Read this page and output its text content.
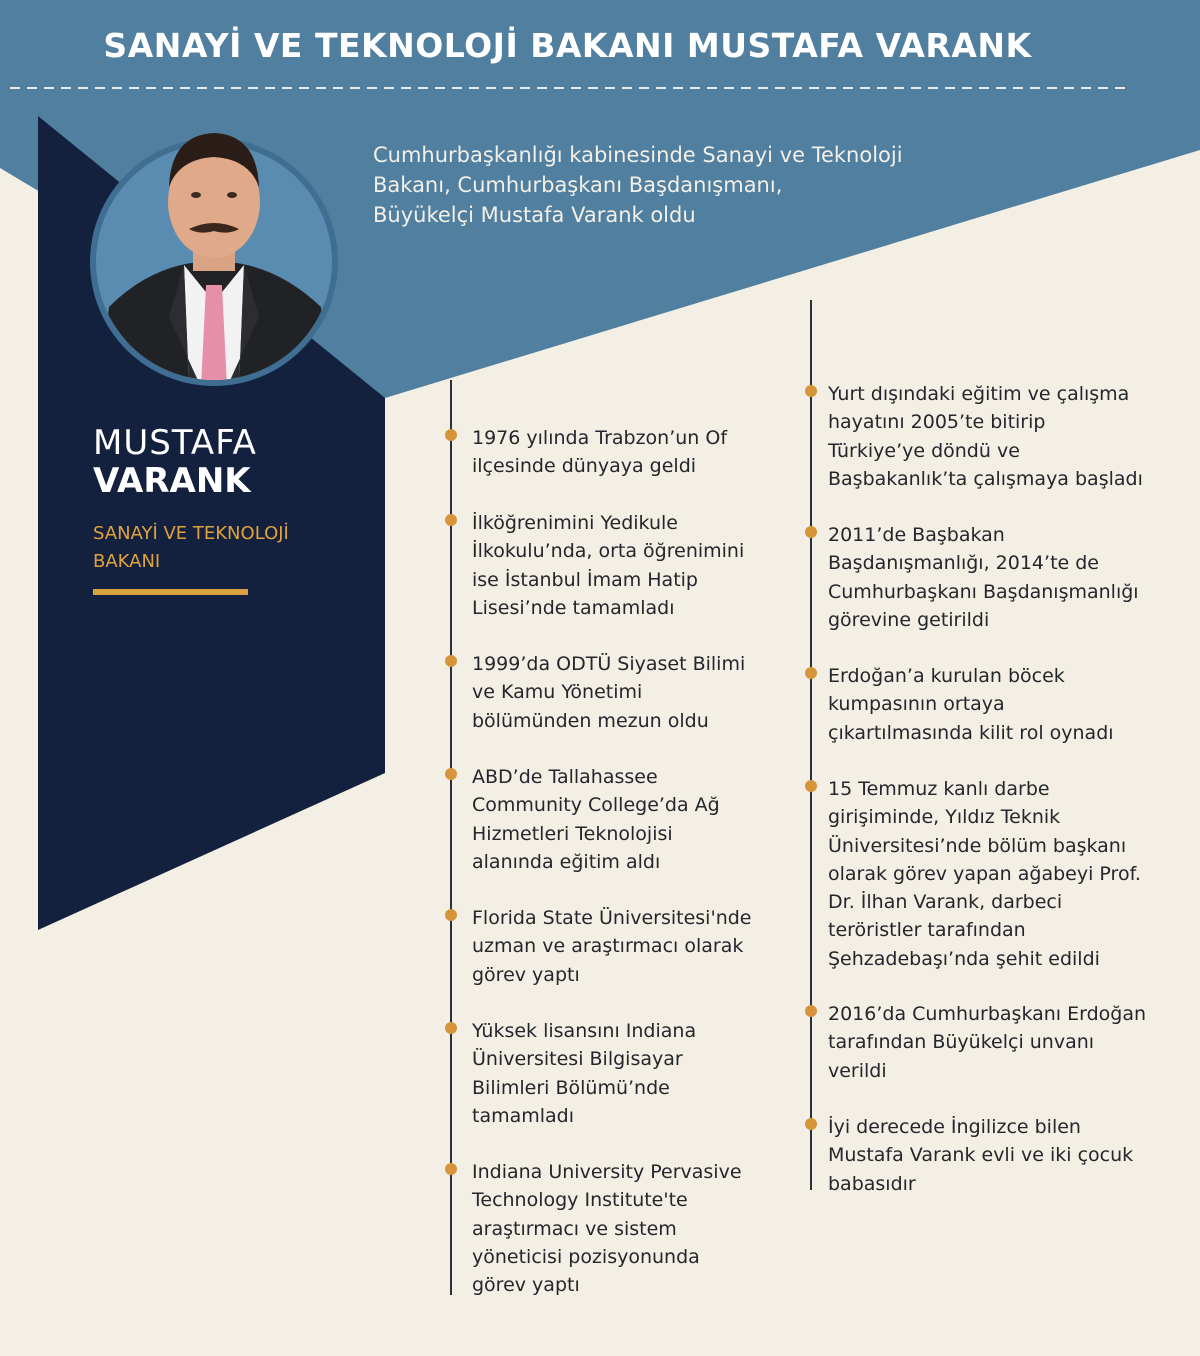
SANAYİ VE TEKNOLOJİ BAKANI MUSTAFA VARANK

Cumhurbaşkanlığı kabinesinde Sanayi ve Teknoloji
Bakanı, Cumhurbaşkanı Başdanışmanı,
Büyükelçi Mustafa Varank oldu

MUSTAFA
VARANK

SANAYİ VE TEKNOLOJİ
BAKANI

1976 yılında Trabzon’un Of
ilçesinde dünyaya geldi

İlköğrenimini Yedikule
İlkokulu’nda, orta öğrenimini
ise İstanbul İmam Hatip
Lisesi’nde tamamladı

1999’da ODTÜ Siyaset Bilimi
ve Kamu Yönetimi
bölümünden mezun oldu

ABD’de Tallahassee
Community College’da Ağ
Hizmetleri Teknolojisi
alanında eğitim aldı

Florida State Üniversitesi'nde
uzman ve araştırmacı olarak
görev yaptı

Yüksek lisansını Indiana
Üniversitesi Bilgisayar
Bilimleri Bölümü’nde
tamamladı

Indiana University Pervasive
Technology Institute'te
araştırmacı ve sistem
yöneticisi pozisyonunda
görev yaptı

Yurt dışındaki eğitim ve çalışma
hayatını 2005’te bitirip
Türkiye’ye döndü ve
Başbakanlık’ta çalışmaya başladı

2011’de Başbakan
Başdanışmanlığı, 2014’te de
Cumhurbaşkanı Başdanışmanlığı
görevine getirildi

Erdoğan’a kurulan böcek
kumpasının ortaya
çıkartılmasında kilit rol oynadı

15 Temmuz kanlı darbe
girişiminde, Yıldız Teknik
Üniversitesi’nde bölüm başkanı
olarak görev yapan ağabeyi Prof.
Dr. İlhan Varank, darbeci
teröristler tarafından
Şehzadebaşı’nda şehit edildi

2016’da Cumhurbaşkanı Erdoğan
tarafından Büyükelçi unvanı
verildi

İyi derecede İngilizce bilen
Mustafa Varank evli ve iki çocuk
babasıdır
